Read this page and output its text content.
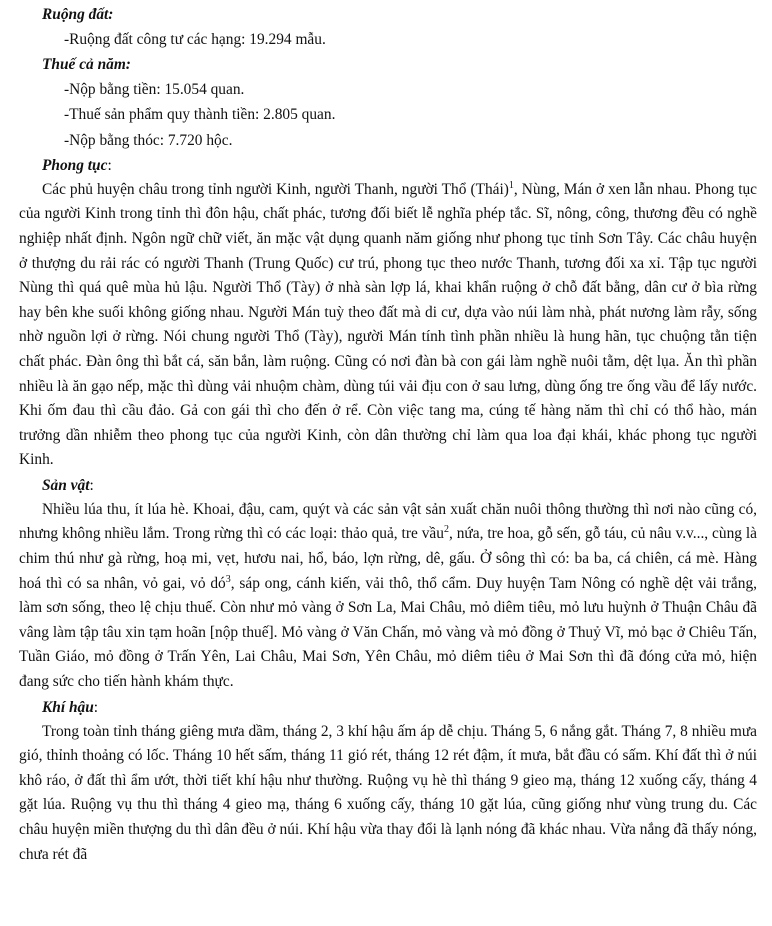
Ruộng đất:
-Ruộng đất công tư các hạng: 19.294 mẫu.
Thuế cả năm:
-Nộp bằng tiền: 15.054 quan.
-Thuế sản phẩm quy thành tiền: 2.805 quan.
-Nộp bằng thóc: 7.720 hộc.
Phong tục:

Các phủ huyện châu trong tỉnh người Kinh, người Thanh, người Thổ (Thái)$^1$, Nùng, Mán ở xen lẫn nhau. Phong tục của người Kinh trong tỉnh thì đôn hậu, chất phác, tương đối biết lễ nghĩa phép tắc. Sĩ, nông, công, thương đều có nghề nghiệp nhất định. Ngôn ngữ chữ viết, ăn mặc vật dụng quanh năm giống như phong tục tỉnh Sơn Tây. Các châu huyện ở thượng du rải rác có người Thanh (Trung Quốc) cư trú, phong tục theo nước Thanh, tương đối xa xỉ. Tập tục người Nùng thì quá quê mùa hủ lậu. Người Thổ (Tày) ở nhà sàn lợp lá, khai khẩn ruộng ở chỗ đất bằng, dân cư ở bìa rừng hay bên khe suối không giống nhau. Người Mán tuỳ theo đất mà di cư, dựa vào núi làm nhà, phát nương làm rẫy, sống nhờ nguồn lợi ở rừng. Nói chung người Thổ (Tày), người Mán tính tình phần nhiều là hung hãn, tục chuộng tằn tiện chất phác. Đàn ông thì bắt cá, săn bắn, làm ruộng. Cũng có nơi đàn bà con gái làm nghề nuôi tằm, dệt lụa. Ăn thì phần nhiều là ăn gạo nếp, mặc thì dùng vải nhuộm chàm, dùng túi vải địu con ở sau lưng, dùng ống tre ống vầu để lấy nước. Khi ốm đau thì cầu đảo. Gả con gái thì cho đến ở rể. Còn việc tang ma, cúng tế hàng năm thì chỉ có thổ hào, mán trưởng dần nhiễm theo phong tục của người Kinh, còn dân thường chỉ làm qua loa đại khái, khác phong tục người Kinh.

Sản vật:

Nhiều lúa thu, ít lúa hè. Khoai, đậu, cam, quýt và các sản vật sản xuất chăn nuôi thông thường thì nơi nào cũng có, nhưng không nhiều lắm. Trong rừng thì có các loại: thảo quả, tre vầu$^2$, nứa, tre hoa, gỗ sến, gỗ táu, củ nâu v.v..., cùng là chim thú như gà rừng, hoạ mi, vẹt, hươu nai, hổ, báo, lợn rừng, dê, gấu. Ở sông thì có: ba ba, cá chiên, cá mè. Hàng hoá thì có sa nhân, vỏ gai, vỏ $dó^3$, sáp ong, cánh kiến, vải thô, thổ cẩm. Duy huyện Tam Nông có nghề dệt vải trắng, làm sơn sống, theo lệ chịu thuế. Còn như mỏ vàng ở Sơn La, Mai Châu, mỏ diêm tiêu, mỏ lưu huỳnh ở Thuận Châu đã vâng làm tập tâu xin tạm hoãn [nộp thuế]. Mỏ vàng ở Văn Chấn, mỏ vàng và mỏ đồng ở Thuỷ Vĩ, mỏ bạc ở Chiêu Tấn, Tuần Giáo, mỏ đồng ở Trấn Yên, Lai Châu, Mai Sơn, Yên Châu, mỏ diêm tiêu ở Mai Sơn thì đã đóng cửa mỏ, hiện đang sức cho tiến hành khám thực.

Khí hậu:

Trong toàn tỉnh tháng giêng mưa dầm, tháng 2, 3 khí hậu ấm áp dễ chịu. Tháng 5, 6 nắng gắt. Tháng 7, 8 nhiều mưa gió, thỉnh thoảng có lốc. Tháng 10 hết sấm, tháng 11 gió rét, tháng 12 rét đậm, ít mưa, bắt đầu có sấm. Khí đất thì ở núi khô ráo, ở đất thì ẩm ướt, thời tiết khí hậu như thường. Ruộng vụ hè thì tháng 9 gieo mạ, tháng 12 xuống cấy, tháng 4 gặt lúa. Ruộng vụ thu thì tháng 4 gieo mạ, tháng 6 xuống cấy, tháng 10 gặt lúa, cũng giống như vùng trung du. Các châu huyện miền thượng du thì dân đều ở núi. Khí hậu vừa thay đổi là lạnh nóng đã khác nhau. Vừa nắng đã thấy nóng, chưa rét đã
